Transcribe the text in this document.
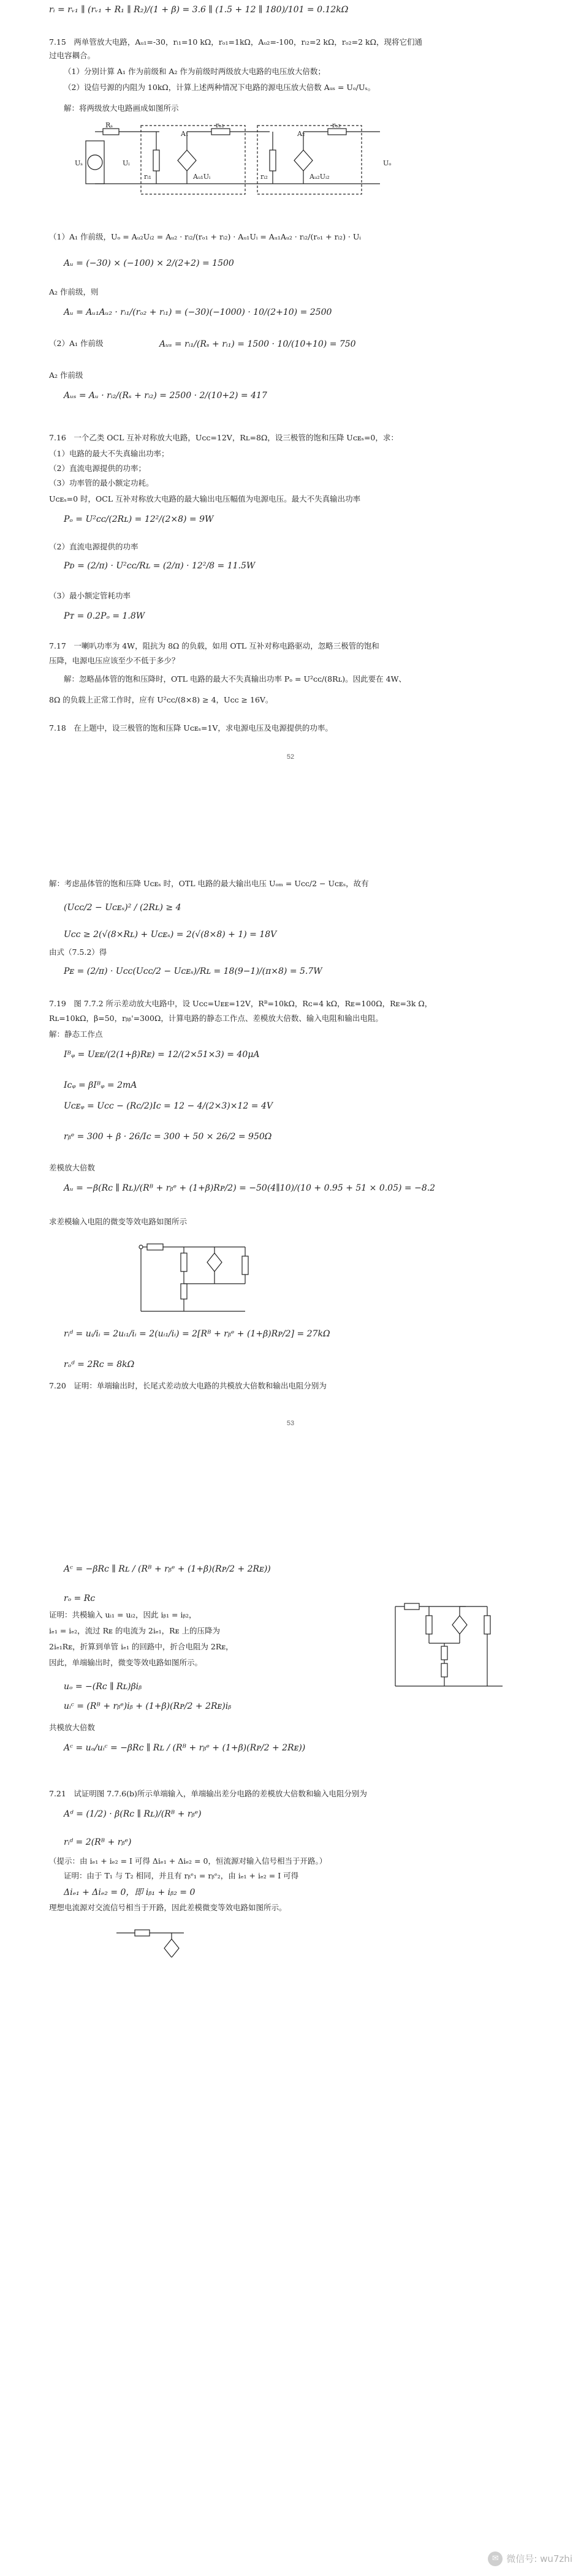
rᵢ = rᵥ₁ ∥ (rᵥ₁ + R₁ ∥ R₂)/(1 + β) = 3.6 ∥ (1.5 + 12 ∥ 180)/101 = 0.12kΩ
7.15　两单管放大电路，Aᵤ₁=-30，rᵢ₁=10 kΩ，rₒ₁=1kΩ，Aᵤ₂=-100，rᵢ₂=2 kΩ，rₒ₂=2 kΩ，现将它们通
过电容耦合。
（1）分别计算 A₁ 作为前级和 A₂ 作为前级时两级放大电路的电压放大倍数；
（2）设信号源的内阻为 10kΩ，计算上述两种情况下电路的源电压放大倍数 Aᵤₛ = Uₒ/Uₛ。
解：将两级放大电路画成如图所示
Uₛ
Rₛ
Uᵢ
A₁
rᵢ₁	Aᵤ₁Uᵢ
rₒ₁
A₂
rᵢ₂	Aᵤ₂Uᵢ₂
rₒ₂
Uₒ
（1）A₁ 作前级，Uₒ = Aᵤ₂Uᵢ₂ = Aᵤ₂ · rᵢ₂/(rₒ₁ + rᵢ₂) · Aᵤ₁Uᵢ = Aᵤ₁Aᵤ₂ · rᵢ₂/(rₒ₁ + rᵢ₂) · Uᵢ
Aᵤ = (−30) × (−100) × 2/(2+2) = 1500
A₂ 作前级，则
Aᵤ = Aᵤ₁Aᵤ₂ · rᵢ₁/(rₒ₂ + rᵢ₁) = (−30)(−1000) · 10/(2+10) = 2500
（2）A₁ 作前级	Aᵤₛ = rᵢ₁/(Rₛ + rᵢ₁) = 1500 · 10/(10+10) = 750
A₂ 作前级
Aᵤₛ = Aᵤ · rᵢ₂/(Rₛ + rᵢ₂) = 2500 · 2/(10+2) = 417
7.16　一个乙类 OCL 互补对称放大电路，Uᴄᴄ=12V，Rʟ=8Ω，设三极管的饱和压降 Uᴄᴇₛ=0，求：
（1）电路的最大不失真输出功率；
（2）直流电源提供的功率；
（3）功率管的最小额定功耗。
Uᴄᴇₛ=0 时，OCL 互补对称放大电路的最大输出电压幅值为电源电压。最大不失真输出功率
Pₒ = U²ᴄᴄ/(2Rʟ) = 12²/(2×8) = 9W
（2）直流电源提供的功率
Pᴅ = (2/π) · U²ᴄᴄ/Rʟ = (2/π) · 12²/8 = 11.5W
（3）最小额定管耗功率
Pᴛ = 0.2Pₒ = 1.8W
7.17　一喇叭功率为 4W，阻抗为 8Ω 的负载，如用 OTL 互补对称电路驱动，忽略三极管的饱和
压降，电源电压应该至少不低于多少？
解：忽略晶体管的饱和压降时，OTL 电路的最大不失真输出功率 Pₒ = U²ᴄᴄ/(8Rʟ)。因此要在 4W、
8Ω 的负载上正常工作时，应有 U²ᴄᴄ/(8×8) ≥ 4，Uᴄᴄ ≥ 16V。
7.18　在上题中，设三极管的饱和压降 Uᴄᴇₛ=1V，求电源电压及电源提供的功率。
52
解：考虑晶体管的饱和压降 Uᴄᴇₛ 时，OTL 电路的最大输出电压 Uₒₘ = Uᴄᴄ/2 − Uᴄᴇₛ，故有
(Uᴄᴄ/2 − Uᴄᴇₛ)² / (2Rʟ) ≥ 4
Uᴄᴄ ≥ 2(√(8×Rʟ) + Uᴄᴇₛ) = 2(√(8×8) + 1) = 18V
由式（7.5.2）得
Pᴇ = (2/π) · Uᴄᴄ(Uᴄᴄ/2 − Uᴄᴇₛ)/Rʟ = 18(9−1)/(π×8) = 5.7W
7.19　图 7.7.2 所示差动放大电路中，设 Uᴄᴄ=Uᴇᴇ=12V，Rᴮ=10kΩ，Rᴄ=4 kΩ，Rᴇ=100Ω，Rᴇ=3k Ω，
Rʟ=10kΩ，β=50，rᵦᵦ'=300Ω，计算电路的静态工作点、差模放大倍数、输入电阻和输出电阻。
解：静态工作点
Iᴮᵩ = Uᴇᴇ/(2(1+β)Rᴇ) = 12/(2×51×3) = 40μA
Iᴄᵩ = βIᴮᵩ = 2mA
Uᴄᴇᵩ = Uᴄᴄ − (Rᴄ/2)Iᴄ = 12 − 4/(2×3)×12 = 4V
rᵦᵉ = 300 + β · 26/Iᴄ = 300 + 50 × 26/2 = 950Ω
差模放大倍数
Aᵤ = −β(Rᴄ ∥ Rʟ)/(Rᴮ + rᵦᵉ + (1+β)Rᴘ/2) = −50(4∥10)/(10 + 0.95 + 51 × 0.05) = −8.2
求差模输入电阻的微变等效电路如图所示
rᵢᵈ = uᵢ/iᵢ = 2uᵢ₁/iᵢ = 2(uᵢ₁/iᵢ) = 2[Rᴮ + rᵦᵉ + (1+β)Rᴘ/2] = 27kΩ
rₒᵈ = 2Rᴄ = 8kΩ
7.20　证明：单端输出时，长尾式差动放大电路的共模放大倍数和输出电阻分别为
53
Aᶜ = −βRᴄ ∥ Rʟ / (Rᴮ + rᵦᵉ + (1+β)(Rᴘ/2 + 2Rᴇ))
rₒ = Rᴄ
证明：共模输入 uᵢ₁ = uᵢ₂，因此 iᵦ₁ = iᵦ₂，
iₑ₁ = iₑ₂，流过 Rᴇ 的电流为 2iₑ₁，Rᴇ 上的压降为
2iₑ₁Rᴇ，折算到单管 iₑ₁ 的回路中，折合电阻为 2Rᴇ，
因此，单端输出时，微变等效电路如图所示。
uₒ = −(Rᴄ ∥ Rʟ)βiᵦ
uᵢᶜ = (Rᴮ + rᵦᵉ)iᵦ + (1+β)(Rᴘ/2 + 2Rᴇ)iᵦ
共模放大倍数
Aᶜ = uₒ/uᵢᶜ = −βRᴄ ∥ Rʟ / (Rᴮ + rᵦᵉ + (1+β)(Rᴘ/2 + 2Rᴇ))
7.21　试证明图 7.7.6(b)所示单端输入，单端输出差分电路的差模放大倍数和输入电阻分别为
Aᵈ = (1/2) · β(Rᴄ ∥ Rʟ)/(Rᴮ + rᵦᵉ)
rᵢᵈ = 2(Rᴮ + rᵦᵉ)
（提示：由 iₑ₁ + iₑ₂ = I 可得 Δiₑ₁ + Δiₑ₂ = 0，恒流源对输入信号相当于开路。）
证明：由于 T₁ 与 T₂ 相同，并且有 rᵦᵉ₁ = rᵦᵉ₂，由 iₑ₁ + iₑ₂ = I 可得
Δiₑ₁ + Δiₑ₂ = 0，即 iᵦ₁ + iᵦ₂ = 0
理想电流源对交流信号相当于开路，因此差模微变等效电路如图所示。
✉ 微信号: wu7zhi
